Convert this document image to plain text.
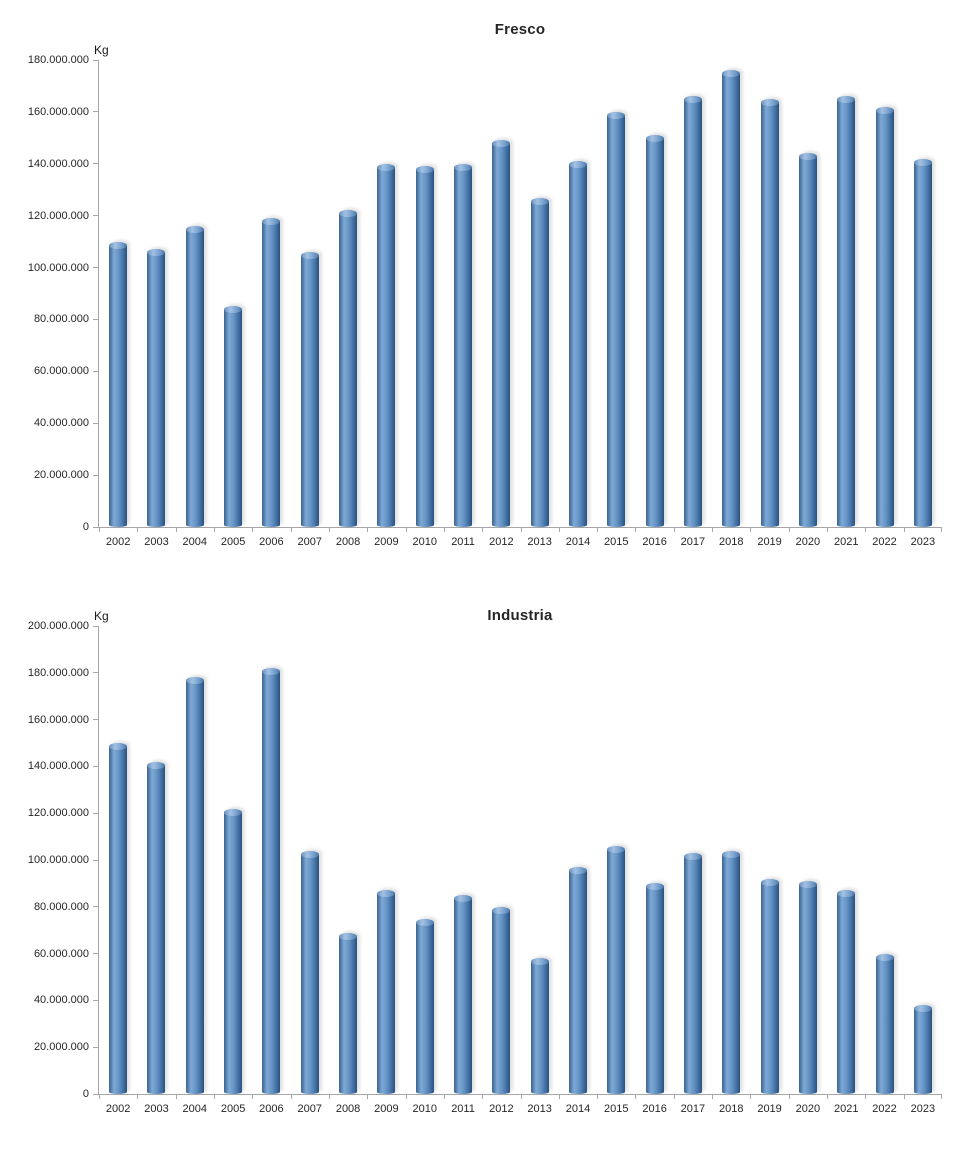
Fresco
Kg
180.000.000
160.000.000
140.000.000
120.000.000
100.000.000
80.000.000
60.000.000
40.000.000
20.000.000
0
2002 2003 2004 2005 2006 2007 2008 2009 2010 2011 2012 2013 2014 2015 2016 2017 2018 2019 2020 2021 2022 2023
Industria
Kg
200.000.000
180.000.000
160.000.000
140.000.000
120.000.000
100.000.000
80.000.000
60.000.000
40.000.000
20.000.000
0
2002 2003 2004 2005 2006 2007 2008 2009 2010 2011 2012 2013 2014 2015 2016 2017 2018 2019 2020 2021 2022 2023
